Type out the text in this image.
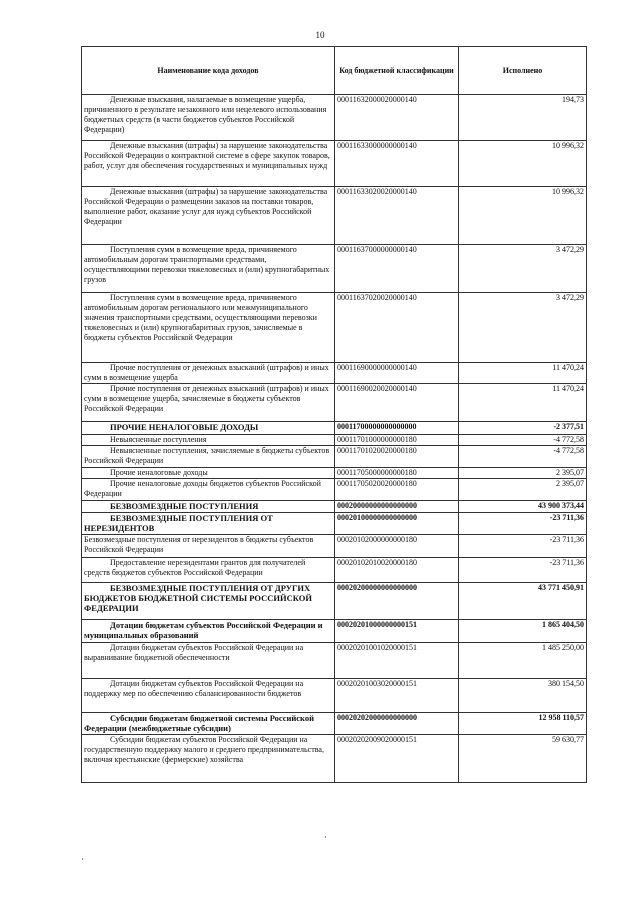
10
Наименование кода доходов	Код бюджетной классификации	Исполнено
Денежные взыскания, налагаемые в возмещение ущерба, причиненного в результате незаконного или нецелевого использования бюджетных средств (в части бюджетов субъектов Российской Федерации)	00011632000020000140	194,73
Денежные взыскания (штрафы) за нарушение законодательства Российской Федерации о контрактной системе в сфере закупок товаров, работ, услуг для обеспечения государственных и муниципальных нужд	00011633000000000140	10 996,32
Денежные взыскания (штрафы) за нарушение законодательства Российской Федерации о размещении заказов на поставки товаров, выполнение работ, оказание услуг для нужд субъектов Российской Федерации	00011633020020000140	10 996,32
Поступления сумм в возмещение вреда, причиняемого автомобильным дорогам транспортными средствами, осуществляющими перевозки тяжеловесных и (или) крупногабаритных грузов	00011637000000000140	3 472,29
Поступления сумм в возмещение вреда, причиняемого автомобильным дорогам регионального или межмуниципального значения транспортными средствами, осуществляющими перевозки тяжеловесных и (или) крупногабаритных грузов, зачисляемые в бюджеты субъектов Российской Федерации	00011637020020000140	3 472,29
Прочие поступления от денежных взысканий (штрафов) и иных сумм в возмещение ущерба	00011690000000000140	11 470,24
Прочие поступления от денежных взысканий (штрафов) и иных сумм в возмещение ущерба, зачисляемые в бюджеты субъектов Российской Федерации	00011690020020000140	11 470,24
ПРОЧИЕ НЕНАЛОГОВЫЕ ДОХОДЫ	00011700000000000000	-2 377,51
Невыясненные поступления	00011701000000000180	-4 772,58
Невыясненные поступления, зачисляемые в бюджеты субъектов Российской Федерации	00011701020020000180	-4 772,58
Прочие неналоговые доходы	00011705000000000180	2 395,07
Прочие неналоговые доходы бюджетов субъектов Российской Федерации	00011705020020000180	2 395,07
БЕЗВОЗМЕЗДНЫЕ ПОСТУПЛЕНИЯ	00020000000000000000	43 900 373,44
БЕЗВОЗМЕЗДНЫЕ ПОСТУПЛЕНИЯ ОТ НЕРЕЗИДЕНТОВ	00020100000000000000	-23 711,36
Безвозмездные поступления от нерезидентов в бюджеты субъектов Российской Федерации	00020102000000000180	-23 711,36
Предоставление нерезидентами грантов для получателей средств бюджетов субъектов Российской Федерации	00020102010020000180	-23 711,36
БЕЗВОЗМЕЗДНЫЕ ПОСТУПЛЕНИЯ ОТ ДРУГИХ БЮДЖЕТОВ БЮДЖЕТНОЙ СИСТЕМЫ РОССИЙСКОЙ ФЕДЕРАЦИИ	00020200000000000000	43 771 450,91
Дотации бюджетам субъектов Российской Федерации и муниципальных образований	00020201000000000151	1 865 404,50
Дотации бюджетам субъектов Российской Федерации на выравнивание бюджетной обеспеченности	00020201001020000151	1 485 250,00
Дотации бюджетам субъектов Российской Федерации на поддержку мер по обеспечению сбалансированности бюджетов	00020201003020000151	380 154,50
Субсидии бюджетам бюджетной системы Российской Федерации (межбюджетные субсидии)	00020202000000000000	12 958 110,57
Субсидии бюджетам субъектов Российской Федерации на государственную поддержку малого и среднего предпринимательства, включая крестьянские (фермерские) хозяйства	00020202009020000151	59 630,77
